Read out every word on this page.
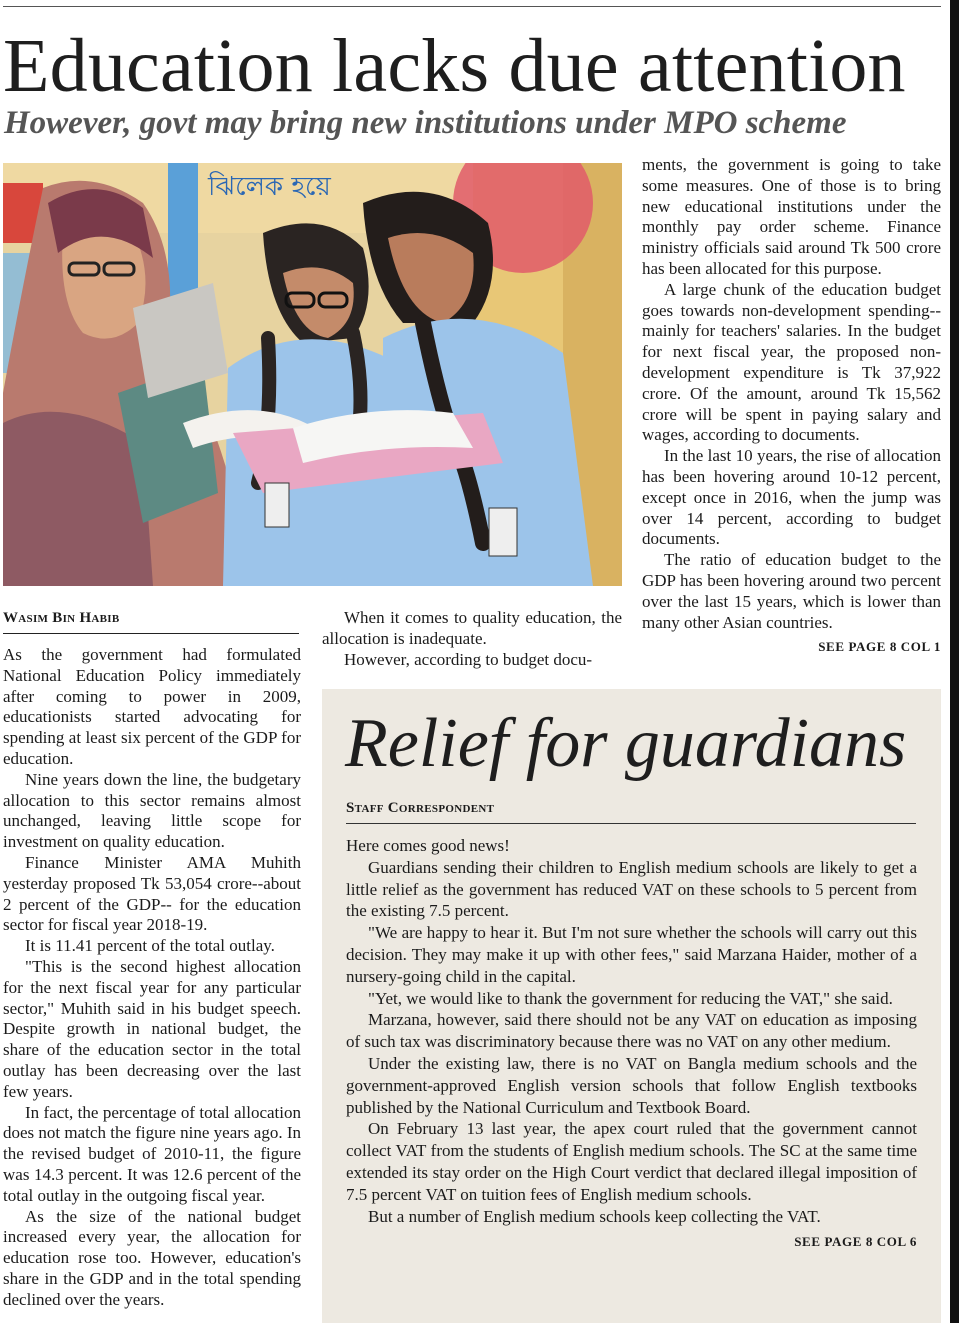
Education lacks due attention
However, govt may bring new institutions under MPO scheme
ঝিলেক হয়ে
Wasim Bin Habib

As the government had formulated National Education Policy immediately after coming to power in 2009, educationists started advocating for spending at least six percent of the GDP for education.

Nine years down the line, the budgetary allocation to this sector remains almost unchanged, leaving little scope for investment on quality education.

Finance Minister AMA Muhith yesterday proposed Tk 53,054 crore--about 2 percent of the GDP-- for the education sector for fiscal year 2018-19.

It is 11.41 percent of the total outlay.

"This is the second highest allocation for the next fiscal year for any particular sector," Muhith said in his budget speech. Despite growth in national budget, the share of the education sector in the total outlay has been decreasing over the last few years.

In fact, the percentage of total allocation does not match the figure nine years ago. In the revised budget of 2010-11, the figure was 14.3 percent. It was 12.6 percent of the total outlay in the outgoing fiscal year.

As the size of the national budget increased every year, the allocation for education rose too. However, education's share in the GDP and in the total spending declined over the years.

When it comes to quality education, the allocation is inadequate.

However, according to budget docu-

ments, the government is going to take some measures. One of those is to bring new educational institutions under the monthly pay order scheme. Finance ministry officials said around Tk 500 crore has been allocated for this purpose.

A large chunk of the education budget goes towards non-development spending--mainly for teachers' salaries. In the budget for next fiscal year, the proposed non-development expenditure is Tk 37,922 crore. Of the amount, around Tk 15,562 crore will be spent in paying salary and wages, according to documents.

In the last 10 years, the rise of allocation has been hovering around 10-12 percent, except once in 2016, when the jump was over 14 percent, according to budget documents.

The ratio of education budget to the GDP has been hovering around two percent over the last 15 years, which is lower than many other Asian countries.

SEE PAGE 8 COL 1
Relief for guardians
Staff Correspondent

Here comes good news!

Guardians sending their children to English medium schools are likely to get a little relief as the government has reduced VAT on these schools to 5 percent from the existing 7.5 percent.

"We are happy to hear it. But I'm not sure whether the schools will carry out this decision. They may make it up with other fees," said Marzana Haider, mother of a nursery-going child in the capital.

"Yet, we would like to thank the government for reducing the VAT," she said.

Marzana, however, said there should not be any VAT on education as imposing of such tax was discriminatory because there was no VAT on any other medium.

Under the existing law, there is no VAT on Bangla medium schools and the government-approved English version schools that follow English textbooks published by the National Curriculum and Textbook Board.

On February 13 last year, the apex court ruled that the government cannot collect VAT from the students of English medium schools. The SC at the same time extended its stay order on the High Court verdict that declared illegal imposition of 7.5 percent VAT on tuition fees of English medium schools.

But a number of English medium schools keep collecting the VAT.

SEE PAGE 8 COL 6
